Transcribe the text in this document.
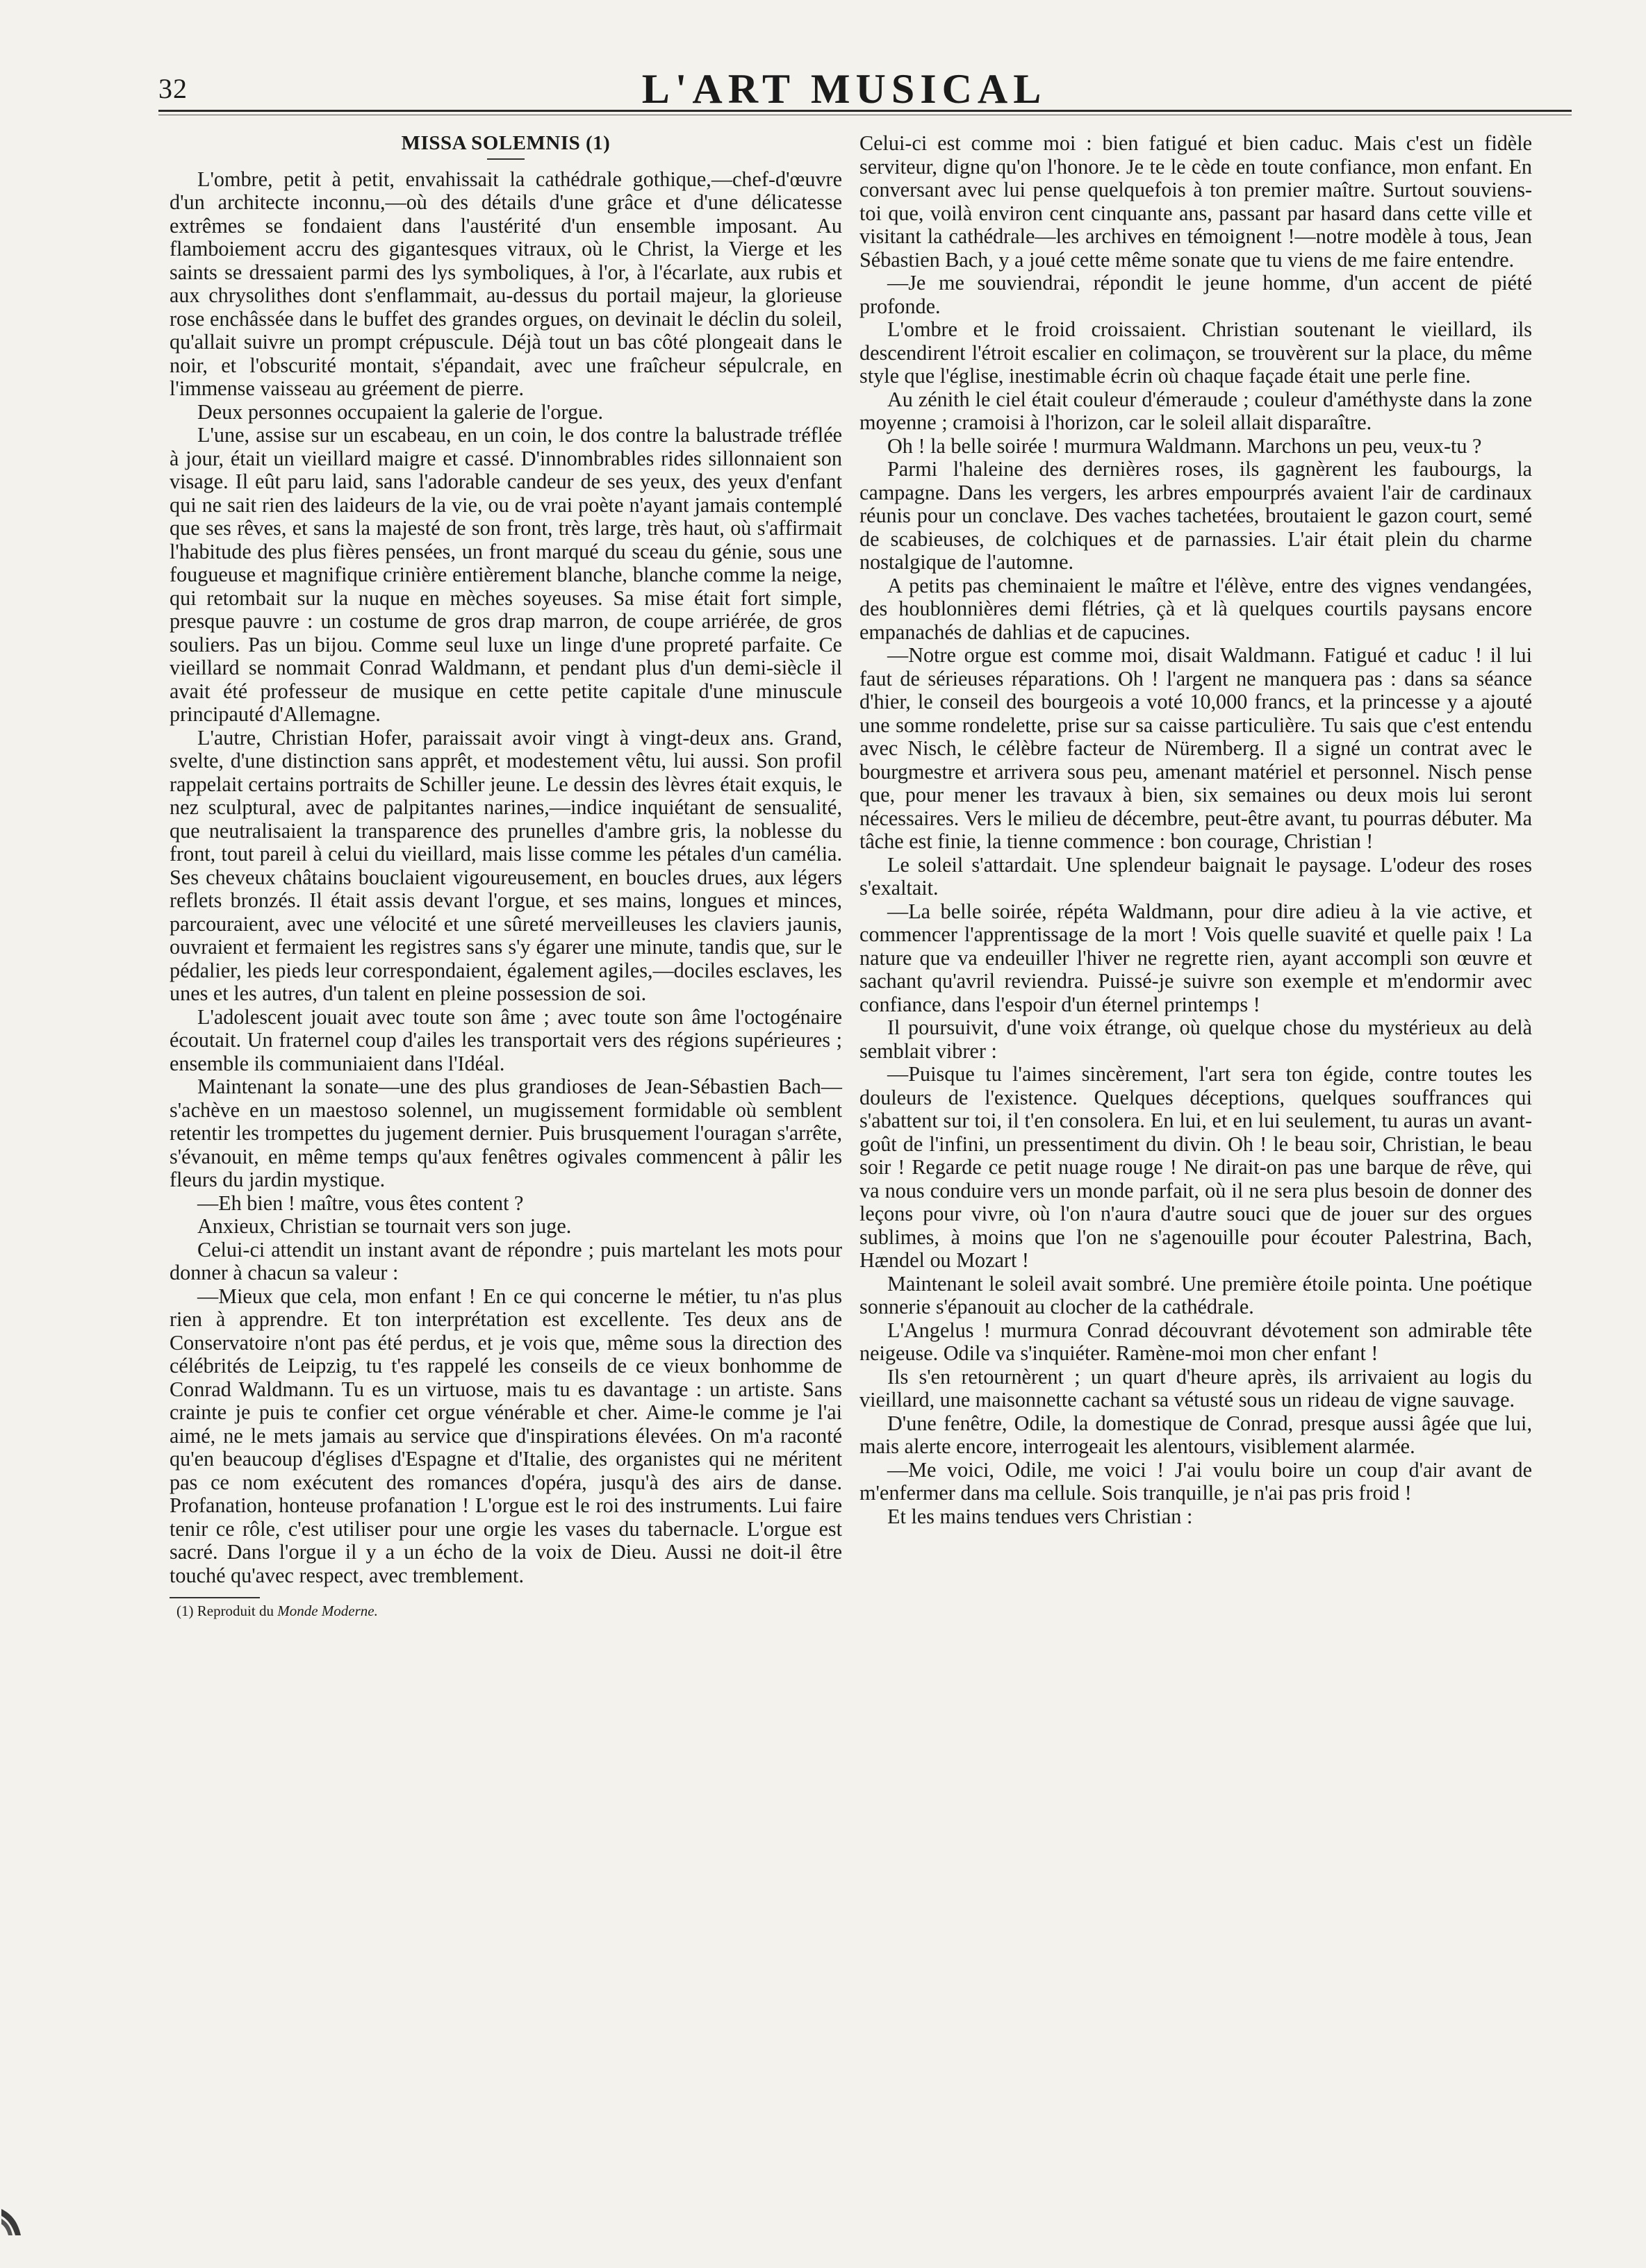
32	L'ART MUSICAL
MISSA SOLEMNIS (1)

L'ombre, petit à petit, envahissait la cathédrale gothique,—chef-d'œuvre d'un architecte inconnu,—où des détails d'une grâce et d'une délicatesse extrêmes se fondaient dans l'austérité d'un ensemble imposant. Au flamboiement accru des gigantesques vitraux, où le Christ, la Vierge et les saints se dressaient parmi des lys symboliques, à l'or, à l'écarlate, aux rubis et aux chrysolithes dont s'enflammait, au-dessus du portail majeur, la glorieuse rose enchâssée dans le buffet des grandes orgues, on devinait le déclin du soleil, qu'allait suivre un prompt crépuscule. Déjà tout un bas côté plongeait dans le noir, et l'obscurité montait, s'épandait, avec une fraîcheur sépulcrale, en l'immense vaisseau au gréement de pierre.

Deux personnes occupaient la galerie de l'orgue.

L'une, assise sur un escabeau, en un coin, le dos contre la balustrade tréflée à jour, était un vieillard maigre et cassé. D'innombrables rides sillonnaient son visage. Il eût paru laid, sans l'adorable candeur de ses yeux, des yeux d'enfant qui ne sait rien des laideurs de la vie, ou de vrai poète n'ayant jamais contemplé que ses rêves, et sans la majesté de son front, très large, très haut, où s'affirmait l'habitude des plus fières pensées, un front marqué du sceau du génie, sous une fougueuse et magnifique crinière entièrement blanche, blanche comme la neige, qui retombait sur la nuque en mèches soyeuses. Sa mise était fort simple, presque pauvre : un costume de gros drap marron, de coupe arriérée, de gros souliers. Pas un bijou. Comme seul luxe un linge d'une propreté parfaite. Ce vieillard se nommait Conrad Waldmann, et pendant plus d'un demi-siècle il avait été professeur de musique en cette petite capitale d'une minuscule principauté d'Allemagne.

L'autre, Christian Hofer, paraissait avoir vingt à vingt-deux ans. Grand, svelte, d'une distinction sans apprêt, et modestement vêtu, lui aussi. Son profil rappelait certains portraits de Schiller jeune. Le dessin des lèvres était exquis, le nez sculptural, avec de palpitantes narines,—indice inquiétant de sensualité, que neutralisaient la transparence des prunelles d'ambre gris, la noblesse du front, tout pareil à celui du vieillard, mais lisse comme les pétales d'un camélia. Ses cheveux châtains bouclaient vigoureusement, en boucles drues, aux légers reflets bronzés. Il était assis devant l'orgue, et ses mains, longues et minces, parcouraient, avec une vélocité et une sûreté merveilleuses les claviers jaunis, ouvraient et fermaient les registres sans s'y égarer une minute, tandis que, sur le pédalier, les pieds leur correspondaient, également agiles,—dociles esclaves, les unes et les autres, d'un talent en pleine possession de soi.

L'adolescent jouait avec toute son âme ; avec toute son âme l'octogénaire écoutait. Un fraternel coup d'ailes les transportait vers des régions supérieures ; ensemble ils communiaient dans l'Idéal.

Maintenant la sonate—une des plus grandioses de Jean-Sébastien Bach—s'achève en un maestoso solennel, un mugissement formidable où semblent retentir les trompettes du jugement dernier. Puis brusquement l'ouragan s'arrête, s'évanouit, en même temps qu'aux fenêtres ogivales commencent à pâlir les fleurs du jardin mystique.

—Eh bien ! maître, vous êtes content ?

Anxieux, Christian se tournait vers son juge.

Celui-ci attendit un instant avant de répondre ; puis martelant les mots pour donner à chacun sa valeur :

—Mieux que cela, mon enfant ! En ce qui concerne le métier, tu n'as plus rien à apprendre. Et ton interprétation est excellente. Tes deux ans de Conservatoire n'ont pas été perdus, et je vois que, même sous la direction des célébrités de Leipzig, tu t'es rappelé les conseils de ce vieux bonhomme de Conrad Waldmann. Tu es un virtuose, mais tu es davantage : un artiste. Sans crainte je puis te confier cet orgue vénérable et cher. Aime-le comme je l'ai aimé, ne le mets jamais au service que d'inspirations élevées. On m'a raconté qu'en beaucoup d'églises d'Espagne et d'Italie, des organistes qui ne méritent pas ce nom exécutent des romances d'opéra, jusqu'à des airs de danse. Profanation, honteuse profanation ! L'orgue est le roi des instruments. Lui faire tenir ce rôle, c'est utiliser pour une orgie les vases du tabernacle. L'orgue est sacré. Dans l'orgue il y a un écho de la voix de Dieu. Aussi ne doit-il être touché qu'avec respect, avec tremblement.

(1) Reproduit du Monde Moderne.

Celui-ci est comme moi : bien fatigué et bien caduc. Mais c'est un fidèle serviteur, digne qu'on l'honore. Je te le cède en toute confiance, mon enfant. En conversant avec lui pense quelquefois à ton premier maître. Surtout souviens-toi que, voilà environ cent cinquante ans, passant par hasard dans cette ville et visitant la cathédrale—les archives en témoignent !—notre modèle à tous, Jean Sébastien Bach, y a joué cette même sonate que tu viens de me faire entendre.

—Je me souviendrai, répondit le jeune homme, d'un accent de piété profonde.

L'ombre et le froid croissaient. Christian soutenant le vieillard, ils descendirent l'étroit escalier en colimaçon, se trouvèrent sur la place, du même style que l'église, inestimable écrin où chaque façade était une perle fine.

Au zénith le ciel était couleur d'émeraude ; couleur d'améthyste dans la zone moyenne ; cramoisi à l'horizon, car le soleil allait disparaître.

Oh ! la belle soirée ! murmura Waldmann. Marchons un peu, veux-tu ?

Parmi l'haleine des dernières roses, ils gagnèrent les faubourgs, la campagne. Dans les vergers, les arbres empourprés avaient l'air de cardinaux réunis pour un conclave. Des vaches tachetées, broutaient le gazon court, semé de scabieuses, de colchiques et de parnassies. L'air était plein du charme nostalgique de l'automne.

A petits pas cheminaient le maître et l'élève, entre des vignes vendangées, des houblonnières demi flétries, çà et là quelques courtils paysans encore empanachés de dahlias et de capucines.

—Notre orgue est comme moi, disait Waldmann. Fatigué et caduc ! il lui faut de sérieuses réparations. Oh ! l'argent ne manquera pas : dans sa séance d'hier, le conseil des bourgeois a voté 10,000 francs, et la princesse y a ajouté une somme rondelette, prise sur sa caisse particulière. Tu sais que c'est entendu avec Nisch, le célèbre facteur de Nüremberg. Il a signé un contrat avec le bourgmestre et arrivera sous peu, amenant matériel et personnel. Nisch pense que, pour mener les travaux à bien, six semaines ou deux mois lui seront nécessaires. Vers le milieu de décembre, peut-être avant, tu pourras débuter. Ma tâche est finie, la tienne commence : bon courage, Christian !

Le soleil s'attardait. Une splendeur baignait le paysage. L'odeur des roses s'exaltait.

—La belle soirée, répéta Waldmann, pour dire adieu à la vie active, et commencer l'apprentissage de la mort ! Vois quelle suavité et quelle paix ! La nature que va endeuiller l'hiver ne regrette rien, ayant accompli son œuvre et sachant qu'avril reviendra. Puissé-je suivre son exemple et m'endormir avec confiance, dans l'espoir d'un éternel printemps !

Il poursuivit, d'une voix étrange, où quelque chose du mystérieux au delà semblait vibrer :

—Puisque tu l'aimes sincèrement, l'art sera ton égide, contre toutes les douleurs de l'existence. Quelques déceptions, quelques souffrances qui s'abattent sur toi, il t'en consolera. En lui, et en lui seulement, tu auras un avant-goût de l'infini, un pressentiment du divin. Oh ! le beau soir, Christian, le beau soir ! Regarde ce petit nuage rouge ! Ne dirait-on pas une barque de rêve, qui va nous conduire vers un monde parfait, où il ne sera plus besoin de donner des leçons pour vivre, où l'on n'aura d'autre souci que de jouer sur des orgues sublimes, à moins que l'on ne s'agenouille pour écouter Palestrina, Bach, Hændel ou Mozart !

Maintenant le soleil avait sombré. Une première étoile pointa. Une poétique sonnerie s'épanouit au clocher de la cathédrale.

L'Angelus ! murmura Conrad découvrant dévotement son admirable tête neigeuse. Odile va s'inquiéter. Ramène-moi mon cher enfant !

Ils s'en retournèrent ; un quart d'heure après, ils arrivaient au logis du vieillard, une maisonnette cachant sa vétusté sous un rideau de vigne sauvage.

D'une fenêtre, Odile, la domestique de Conrad, presque aussi âgée que lui, mais alerte encore, interrogeait les alentours, visiblement alarmée.

—Me voici, Odile, me voici ! J'ai voulu boire un coup d'air avant de m'enfermer dans ma cellule. Sois tranquille, je n'ai pas pris froid !

Et les mains tendues vers Christian :
